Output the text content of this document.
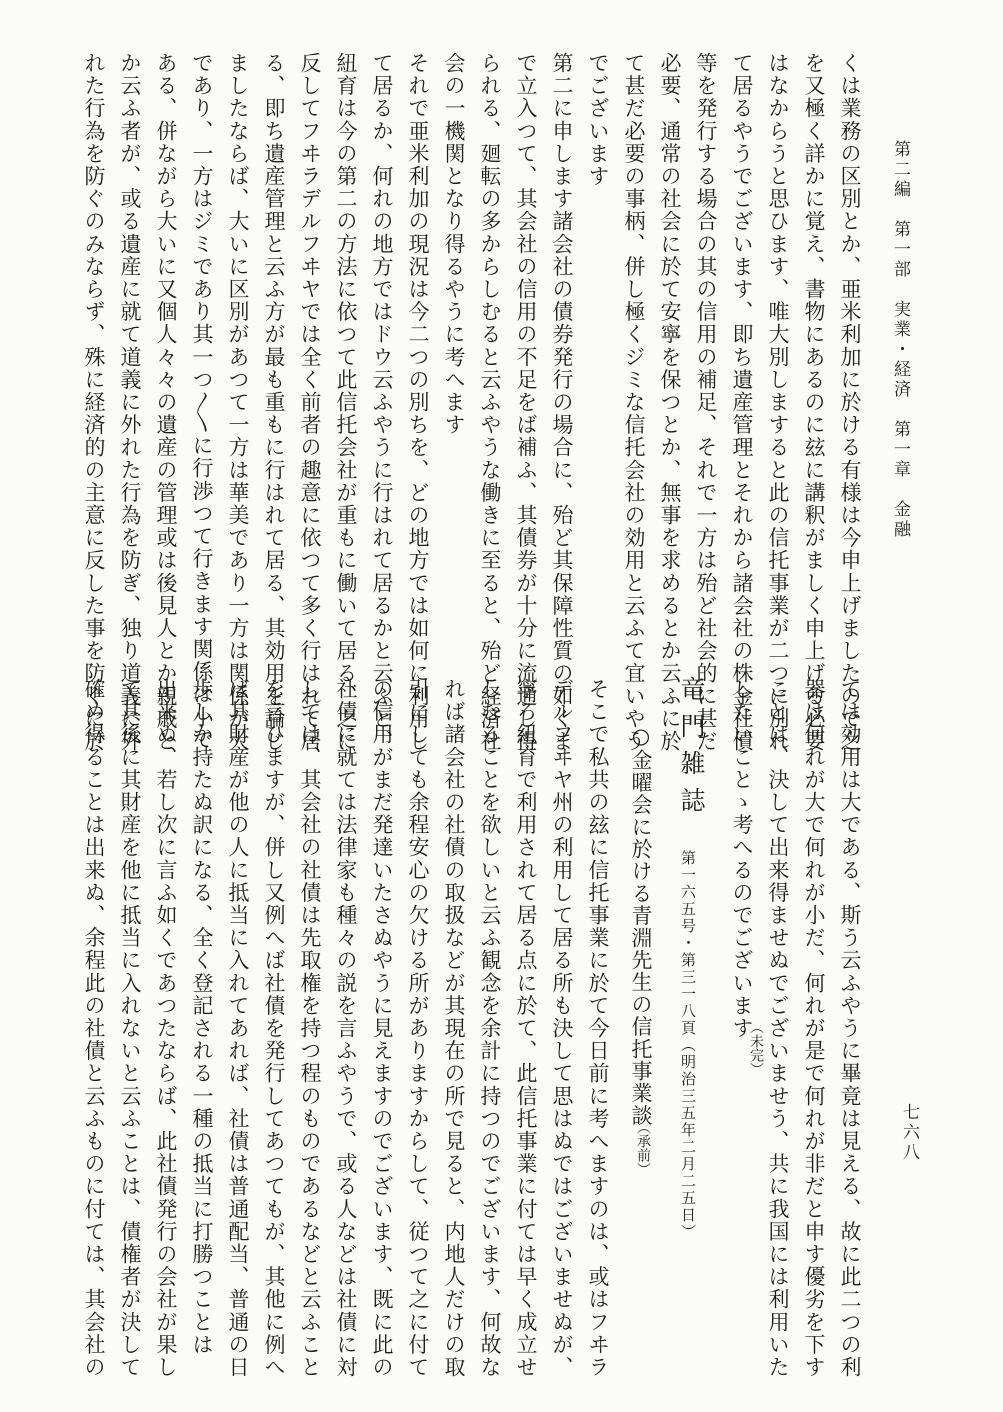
第二編　第一部　実業・経済　第一章　金融
七六八
竜門雑誌
第一六五号・第三一八頁（明治三五年二月二五日）
○金曜会に於ける青淵先生の信托事業談
（承前）
（未完）
くは業務の区別とか、亜米利加に於ける有様は今申上げましたので之
を又極く詳かに覚え、書物にあるのに玆に講釈がましく申上げる必要
はなからうと思ひます、唯大別しますると此の信托事業が二つに別れ
て居るやうでございます、即ち遺産管理とそれから諸会社の株金社債
等を発行する場合の其の信用の補足、それで一方は殆ど社会的に甚だ
必要、通常の社会に於て安寧を保つとか、無事を求めるとか云ふに於
て甚だ必要の事柄、併し極くジミな信托会社の効用と云ふて宜いやう
でございます
第二に申します諸会社の債券発行の場合に、殆ど其保障性質の如くま
で立入つて、其会社の信用の不足をば補ふ、其債券が十分に流通し得
られる、廻転の多からしむると云ふやうな働きに至ると、殆ど経済社
会の一機関となり得るやうに考へます
それで亜米利加の現況は今二つの別ちを、どの地方では如何に利用し
て居るか、何れの地方ではドウ云ふやうに行はれて居るかと云ふと、
紐育は今の第二の方法に依つて此信托会社が重もに働いて居る、之に
反してフヰラデルフヰヤでは全く前者の趣意に依つて多く行はれて居
る、即ち遺産管理と云ふ方が最も重もに行はれて居る、其効用を論じ
ましたならば、大いに区別があつて一方は華美であり一方は関係が大
であり、一方はジミであり其一つ〳〵に行渉つて行きます関係は小で
ある、併ながら大いに又個人々々の遺産の管理或は後見人とか親戚と
か云ふ者が、或る遺産に就て道義に外れた行為を防ぎ、独り道義に外
れた行為を防ぐのみならず、殊に経済的の主意に反した事を防ぐに於
ては効用は大である、斯う云ふやうに畢竟は見える、故に此二つの利
器は何れが大で何れが小だ、何れが是で何れが非だと申す優劣を下す
ことは、決して出来得ませぬでございませう、共に我国には利用いた
したいことゝ考へるのでございます
そこで私共の玆に信托事業に於て今日前に考へますのは、或はフヰラ
デルフヰヤ州の利用して居る所も決して思はぬではございませぬが、
寧ろ紐育で利用されて居る点に於て、此信托事業に付ては早く成立せ
しむることを欲しいと云ふ観念を余計に持つのでございます、何故な
れば諸会社の社債の取扱などが其現在の所で見ると、内地人だけの取
引にしても余程安心の欠ける所がありますからして、従つて之に付て
の信用がまだ発達いたさぬやうに見えますのでございます、既に此の
社債に就ては法律家も種々の説を言ふやうで、或る人などは社債に対
しては、其会社の社債は先取権を持つ程のものであるなどと云ふこと
を言ひますが、併し又例へば社債を発行してあつてもが、其他に例へ
ば其財産が他の人に抵当に入れてあれば、社債は普通配当、普通の日
歩しか持たぬ訳になる、全く登記される一種の抵当に打勝つことは
出来ぬ、若し次に言ふ如くであつたならば、此社債発行の会社が果し
て其後に其財産を他に抵当に入れないと云ふことは、債権者が決して
確め得ることは出来ぬ、余程此の社債と云ふものに付ては、其会社の
